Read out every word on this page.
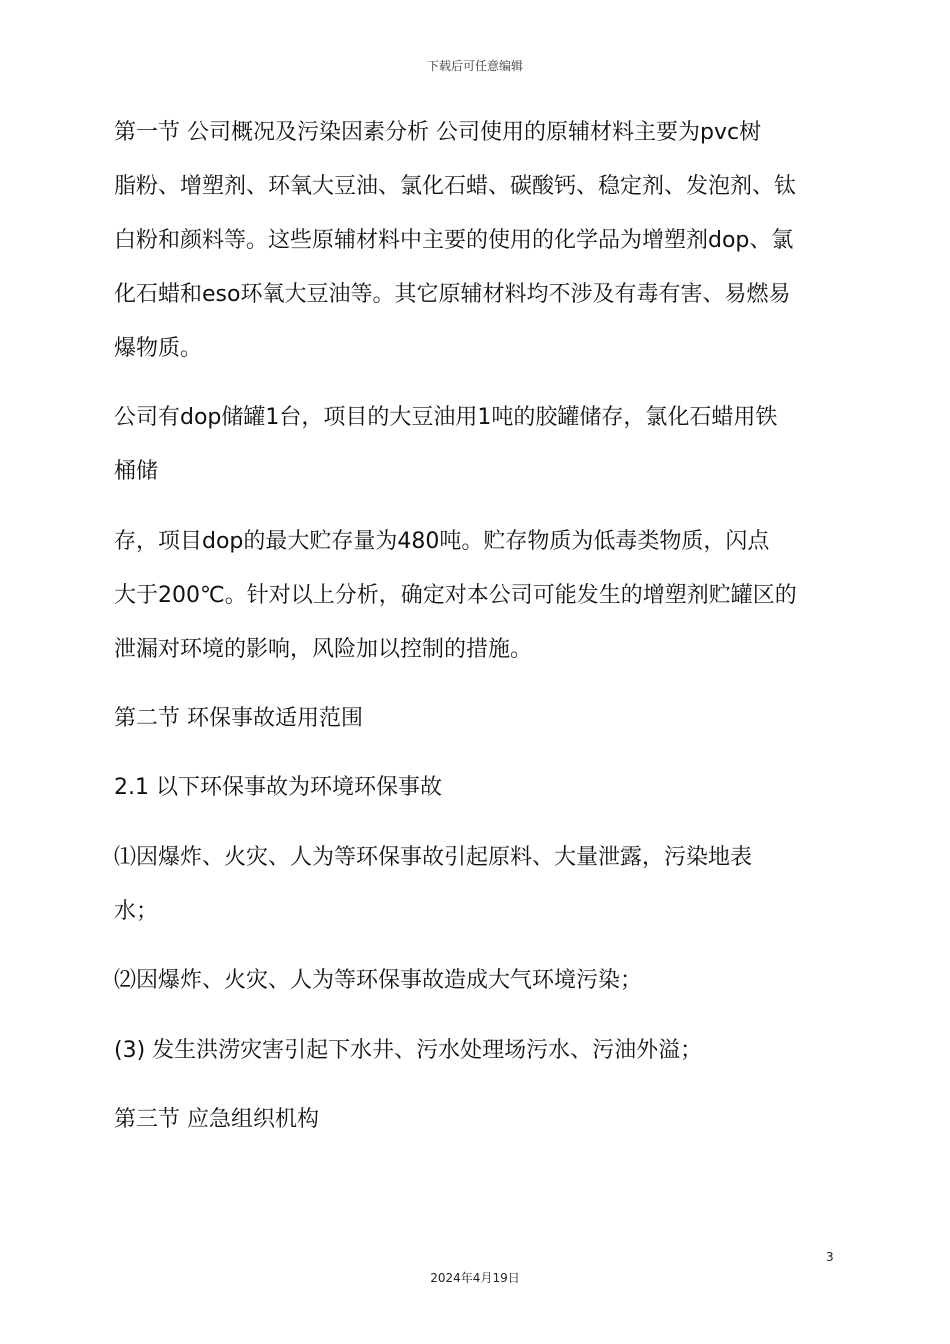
下载后可任意编辑
第一节 公司概况及污染因素分析 公司使用的原辅材料主要为pvc树
脂粉、增塑剂、环氧大豆油、氯化石蜡、碳酸钙、稳定剂、发泡剂、钛
白粉和颜料等。这些原辅材料中主要的使用的化学品为增塑剂dop、氯
化石蜡和eso环氧大豆油等。其它原辅材料均不涉及有毒有害、易燃易
爆物质。
公司有dop储罐1台，项目的大豆油用1吨的胶罐储存，氯化石蜡用铁
桶储
存，项目dop的最大贮存量为480吨。贮存物质为低毒类物质，闪点
大于200℃。针对以上分析，确定对本公司可能发生的增塑剂贮罐区的
泄漏对环境的影响，风险加以控制的措施。
第二节 环保事故适用范围
2.1 以下环保事故为环境环保事故
⑴因爆炸、火灾、人为等环保事故引起原料、大量泄露，污染地表
水；
⑵因爆炸、火灾、人为等环保事故造成大气环境污染；
(3) 发生洪涝灾害引起下水井、污水处理场污水、污油外溢；
第三节 应急组织机构
3
2024年4月19日
